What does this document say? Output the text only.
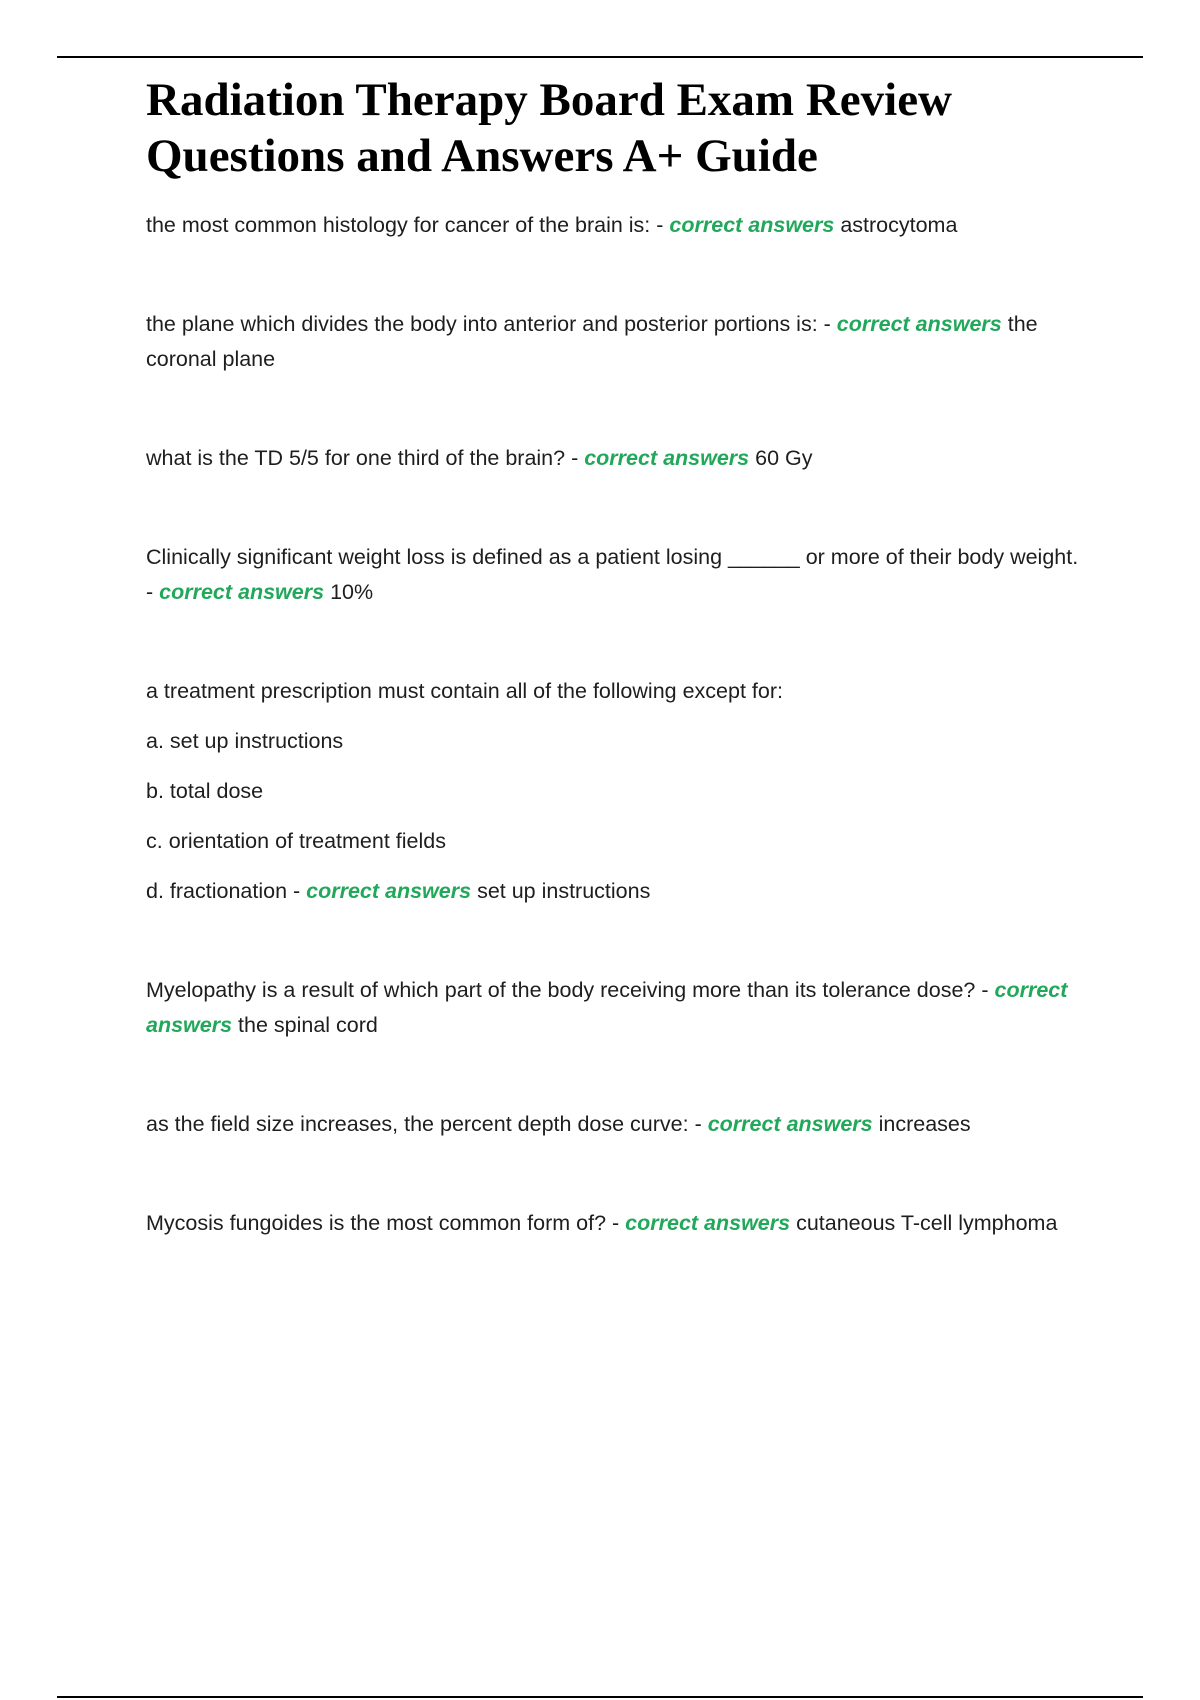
Radiation Therapy Board Exam Review Questions and Answers A+ Guide

the most common histology for cancer of the brain is: - correct answers astrocytoma

the plane which divides the body into anterior and posterior portions is: - correct answers the coronal plane

what is the TD 5/5 for one third of the brain? - correct answers 60 Gy

Clinically significant weight loss is defined as a patient losing ______ or more of their body weight. - correct answers 10%

a treatment prescription must contain all of the following except for:

a. set up instructions

b. total dose

c. orientation of treatment fields

d. fractionation - correct answers set up instructions

Myelopathy is a result of which part of the body receiving more than its tolerance dose? - correct answers the spinal cord

as the field size increases, the percent depth dose curve: - correct answers increases

Mycosis fungoides is the most common form of? - correct answers cutaneous T-cell lymphoma
